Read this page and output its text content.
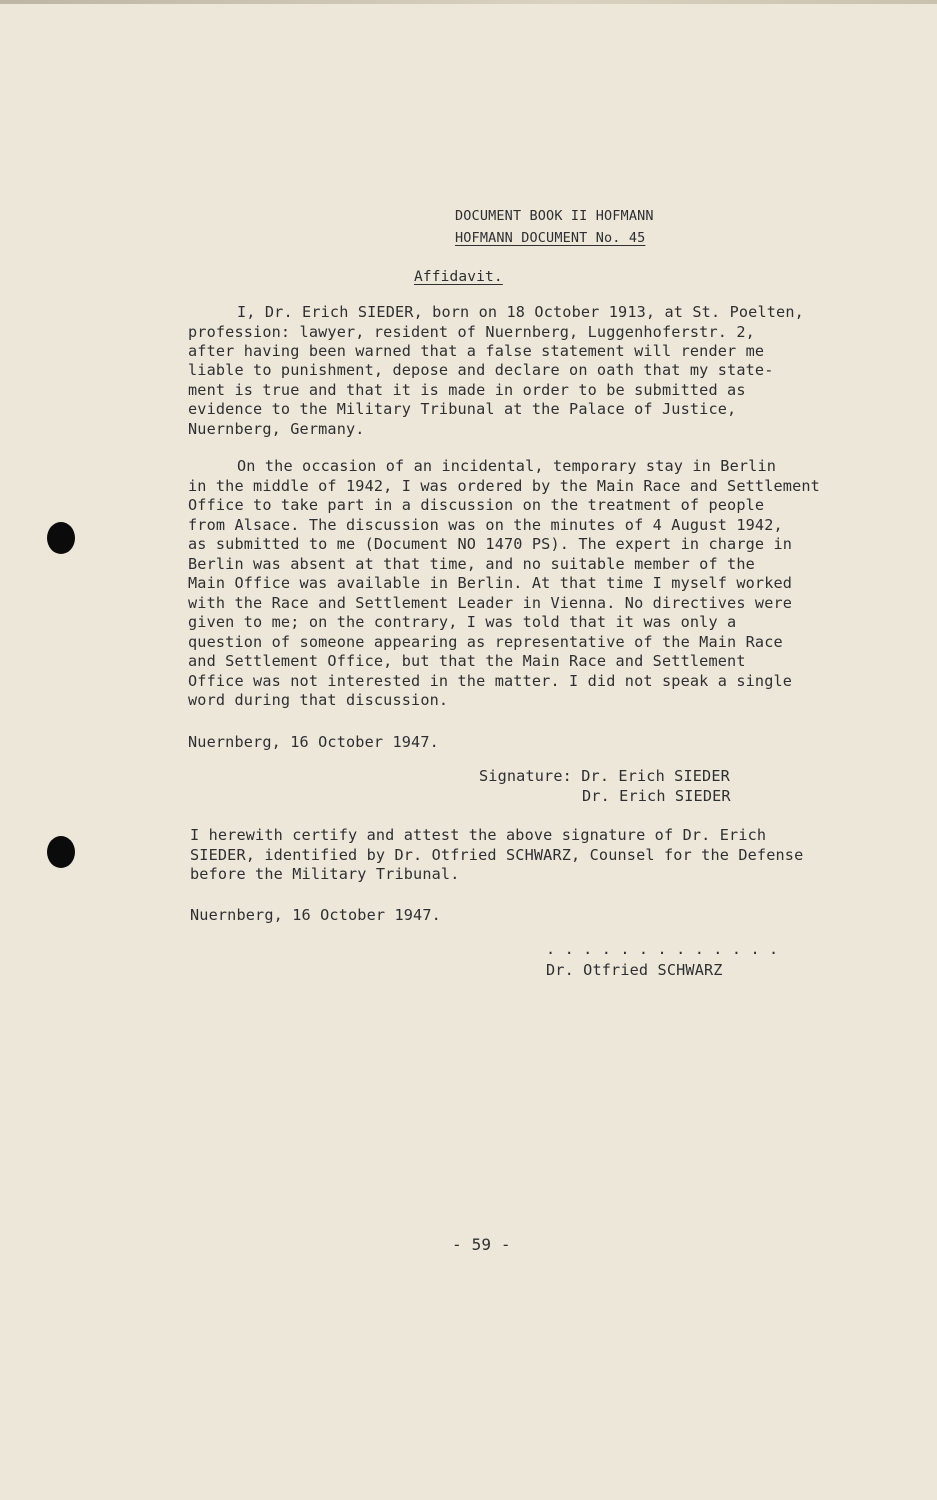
DOCUMENT BOOK II HOFMANN
HOFMANN DOCUMENT No. 45
Affidavit.
I, Dr. Erich SIEDER, born on 18 October 1913, at St. Poelten,
profession: lawyer, resident of Nuernberg, Luggenhoferstr. 2,
after having been warned that a false statement will render me
liable to punishment, depose and declare on oath that my state-
ment is true and that it is made in order to be submitted as
evidence to the Military Tribunal at the Palace of Justice,
Nuernberg, Germany.
On the occasion of an incidental, temporary stay in Berlin
in the middle of 1942, I was ordered by the Main Race and Settlement
Office to take part in a discussion on the treatment of people
from Alsace. The discussion was on the minutes of 4 August 1942,
as submitted to me (Document NO 1470 PS). The expert in charge in
Berlin was absent at that time, and no suitable member of the
Main Office was available in Berlin. At that time I myself worked
with the Race and Settlement Leader in Vienna. No directives were
given to me; on the contrary, I was told that it was only a
question of someone appearing as representative of the Main Race
and Settlement Office, but that the Main Race and Settlement
Office was not interested in the matter. I did not speak a single
word during that discussion.
Nuernberg, 16 October 1947.
Signature: Dr. Erich SIEDER
Dr. Erich SIEDER
I herewith certify and attest the above signature of Dr. Erich
SIEDER, identified by Dr. Otfried SCHWARZ, Counsel for the Defense
before the Military Tribunal.
Nuernberg, 16 October 1947.
. . . . . . . . . . . . .
Dr. Otfried SCHWARZ
- 59 -
